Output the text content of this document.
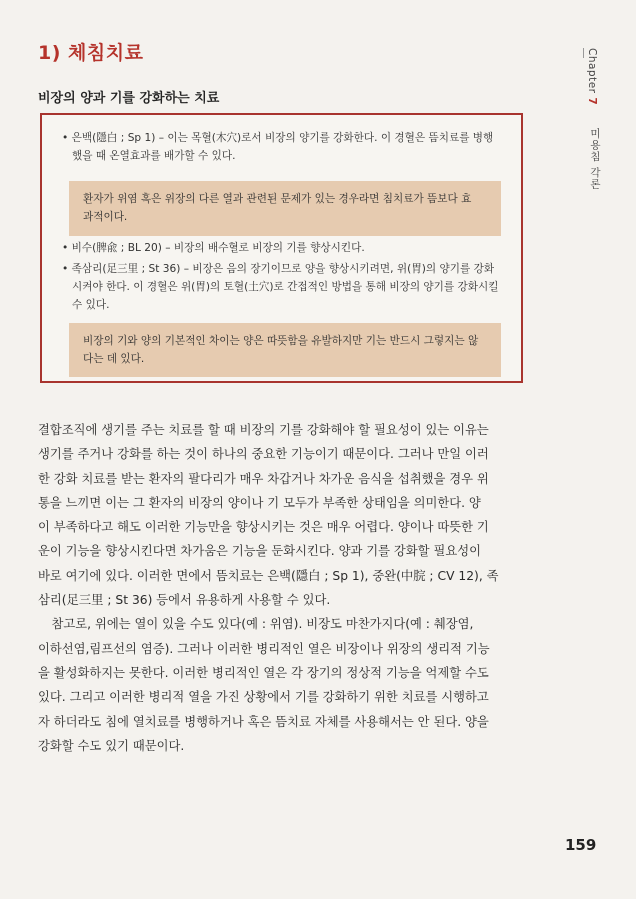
1) 체침치료
비장의 양과 기를 강화하는 치료
• 은백(隱白 ; Sp 1) – 이는 목혈(木穴)로서 비장의 양기를 강화한다. 이 경혈은 뜸치료를 병행
했을 때 온열효과를 배가할 수 있다.
환자가 위염 혹은 위장의 다른 열과 관련된 문제가 있는 경우라면 침치료가 뜸보다 효
과적이다.
• 비수(脾兪 ; BL 20) – 비장의 배수혈로 비장의 기를 향상시킨다.
• 족삼리(足三里 ; St 36) – 비장은 음의 장기이므로 양을 향상시키려면, 위(胃)의 양기를 강화
시켜야 한다. 이 경혈은 위(胃)의 토혈(土穴)로 간접적인 방법을 통해 비장의 양기를 강화시킬
수 있다.
비장의 기와 양의 기본적인 차이는 양은 따뜻함을 유발하지만 기는 반드시 그렇지는 않
다는 데 있다.

결합조직에 생기를 주는 치료를 할 때 비장의 기를 강화해야 할 필요성이 있는 이유는
생기를 주거나 강화를 하는 것이 하나의 중요한 기능이기 때문이다. 그러나 만일 이러
한 강화 치료를 받는 환자의 팔다리가 매우 차갑거나 차가운 음식을 섭취했을 경우 위
통을 느끼면 이는 그 환자의 비장의 양이나 기 모두가 부족한 상태임을 의미한다. 양
이 부족하다고 해도 이러한 기능만을 향상시키는 것은 매우 어렵다. 양이나 따뜻한 기
운이 기능을 향상시킨다면 차가움은 기능을 둔화시킨다. 양과 기를 강화할 필요성이
바로 여기에 있다. 이러한 면에서 뜸치료는 은백(隱白 ; Sp 1), 중완(中脘 ; CV 12), 족
삼리(足三里 ; St 36) 등에서 유용하게 사용할 수 있다.

참고로, 위에는 열이 있을 수도 있다(예 : 위염). 비장도 마찬가지다(예 : 췌장염,
이하선염,림프선의 염증). 그러나 이러한 병리적인 열은 비장이나 위장의 생리적 기능
을 활성화하지는 못한다. 이러한 병리적인 열은 각 장기의 정상적 기능을 억제할 수도
있다. 그리고 이러한 병리적 열을 가진 상황에서 기를 강화하기 위한 치료를 시행하고
자 하더라도 침에 열치료를 병행하거나 혹은 뜸치료 자체를 사용해서는 안 된다. 양을
강화할 수도 있기 때문이다.

Chapter 7
미용침 각론
159
